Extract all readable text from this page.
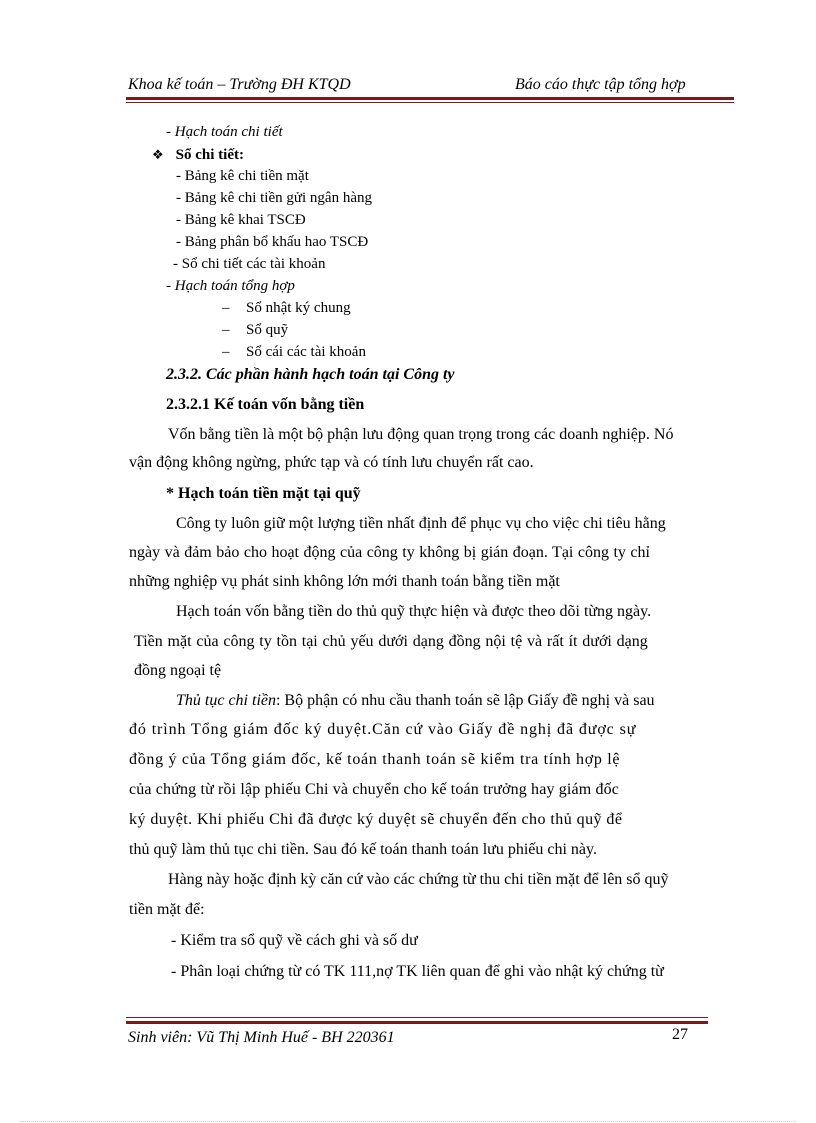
Khoa kế toán – Trường ĐH KTQD	Báo cáo thực tập tổng hợp
- Hạch toán chi tiết
❖ Sổ chi tiết:
- Bảng kê chi tiền mặt
- Bảng kê chi tiền gửi ngân hàng
- Bảng kê khai TSCĐ
- Bảng phân bổ khấu hao TSCĐ
- Sổ chi tiết các tài khoản
- Hạch toán tổng hợp
– Sổ nhật ký chung
– Sổ quỹ
– Sổ cái các tài khoản
2.3.2. Các phần hành hạch toán tại Công ty
2.3.2.1 Kế toán vốn bằng tiền
Vốn bằng tiền là một bộ phận lưu động quan trọng trong các doanh nghiệp. Nó
vận động không ngừng, phức tạp và có tính lưu chuyển rất cao.
* Hạch toán tiền mặt tại quỹ
Công ty luôn giữ một lượng tiền nhất định để phục vụ cho việc chi tiêu hằng
ngày và đảm bảo cho hoạt động của công ty không bị gián đoạn. Tại công ty chỉ
những nghiệp vụ phát sinh không lớn mới thanh toán bằng tiền mặt
Hạch toán vốn bằng tiền do thủ quỹ thực hiện và được theo dõi từng ngày.
Tiền mặt của công ty tồn tại chủ yếu dưới dạng đồng nội tệ và rất ít dưới dạng
đồng ngoại tệ
Thủ tục chi tiền: Bộ phận có nhu cầu thanh toán sẽ lập Giấy đề nghị và sau
đó trình Tổng giám đốc ký duyệt.Căn cứ vào Giấy đề nghị đã được sự
đồng ý của Tổng giám đốc, kế toán thanh toán sẽ kiểm tra tính hợp lệ
của chứng từ rồi lập phiếu Chi và chuyển cho kế toán trưởng hay giám đốc
ký duyệt. Khi phiếu Chi đã được ký duyệt sẽ chuyển đến cho thủ quỹ để
thủ quỹ làm thủ tục chi tiền. Sau đó kế toán thanh toán lưu phiếu chi này.
Hàng này hoặc định kỳ căn cứ vào các chứng từ thu chi tiền mặt để lên sổ quỹ
tiền mặt để:
- Kiểm tra sổ quỹ về cách ghi và số dư
- Phân loại chứng từ có TK 111,nợ TK liên quan để ghi vào nhật ký chứng từ
Sinh viên: Vũ Thị Minh Huế - BH 220361	27
